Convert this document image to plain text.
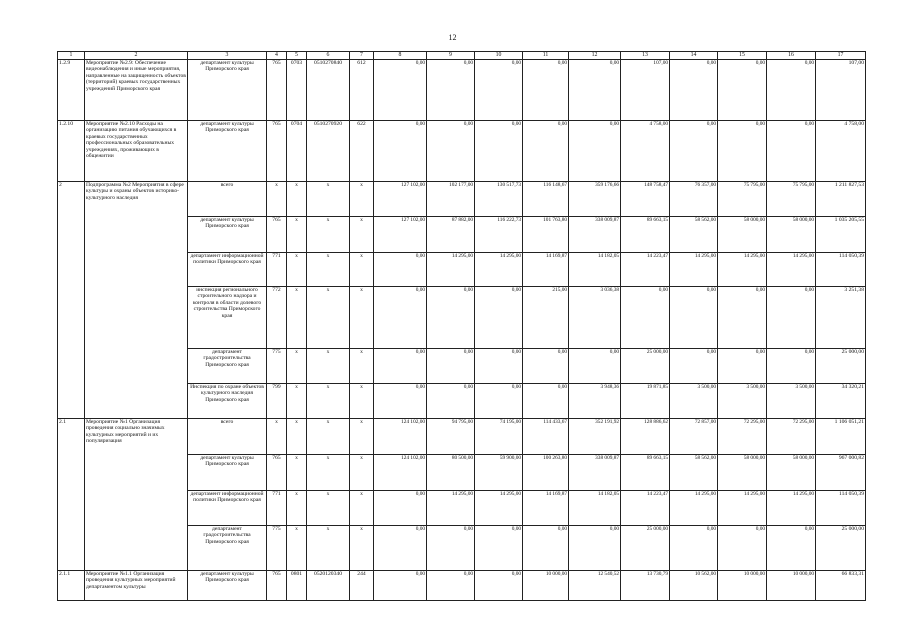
12
1	2	3	4	5	6	7	8	9	10	11	12	13	14	15	16	17
1.2.9	Мероприятие №2.9: Обеспечение видеонаблюдения и иные мероприятия, направленные на защищенность объектов (территорий) краевых государственных учреждений Приморского края	департамент культуры Приморского края	765	0703	0510270840	612	0,00	0,00	0,00	0,00	0,00	107,00	0,00	0,00	0,00	107,00
1.2.10	Мероприятие №2.10 Расходы на организацию питания обучающихся в краевых государственных профессиональных образовательных учреждениях, проживающих в общежитии	департамент культуры Приморского края	765	0704	0510270920	622	0,00	0,00	0,00	0,00	0,00	4 758,00	0,00	0,00	0,00	4 758,00
2	Подпрограмма №2 Мероприятия в сфере культуры и охраны объектов историко-культурного наследия	всего	х	х	х	х	127 102,00	102 177,00	130 517,73	116 148,67	359 176,66	148 758,47	76 357,00	75 795,00	75 795,00	1 211 827,53
		департамент культуры Приморского края	765	х	х	х	127 102,00	87 882,00	116 222,73	101 763,80	338 009,87	89 663,15	58 562,00	58 000,00	58 000,00	1 035 205,55
		департамент информационной политики Приморского края	771	х	х	х	0,00	14 295,00	14 295,00	14 169,87	14 182,05	14 223,47	14 295,00	14 295,00	14 295,00	114 050,39
		инспекция регионального строительного надзора и контроля в области долевого строительства Приморского края	772	х	х	х	0,00	0,00	0,00	215,00	3 036,38	0,00	0,00	0,00	0,00	3 251,38
		департамент градостроительства Приморского края	775	х	х	х	0,00	0,00	0,00	0,00	0,00	25 000,00	0,00	0,00	0,00	25 000,00
		Инспекция по охране объектов культурного наследия Приморского края	799	х	х	х	0,00	0,00	0,00	0,00	3 948,36	19 871,85	3 500,00	3 500,00	3 500,00	34 320,21
2.1	Мероприятие №1 Организация проведения социально значимых культурных мероприятий и их популяризация	всего	х	х	х	х	124 102,00	94 795,00	74 195,00	114 433,67	352 191,92	128 886,62	72 857,00	72 295,00	72 295,00	1 106 051,21
		департамент культуры Приморского края	765	х	х	х	124 102,00	80 500,00	59 900,00	100 263,80	338 009,87	89 663,15	58 562,00	58 000,00	58 000,00	967 000,82
		департамент информационной политики Приморского края	771	х	х	х	0,00	14 295,00	14 295,00	14 169,87	14 182,05	14 223,47	14 295,00	14 295,00	14 295,00	114 050,39
		департамент градостроительства Приморского края	775	х	х	х	0,00	0,00	0,00	0,00	0,00	25 000,00	0,00	0,00	0,00	25 000,00
2.1.1	Мероприятие №1.1 Организация проведения культурных мероприятий департаментом культуры	департамент культуры Приморского края	765	0801	0520120340	244	0,00	0,00	0,00	10 000,00	12 540,52	13 730,79	10 562,00	10 000,00	10 000,00	66 833,31
